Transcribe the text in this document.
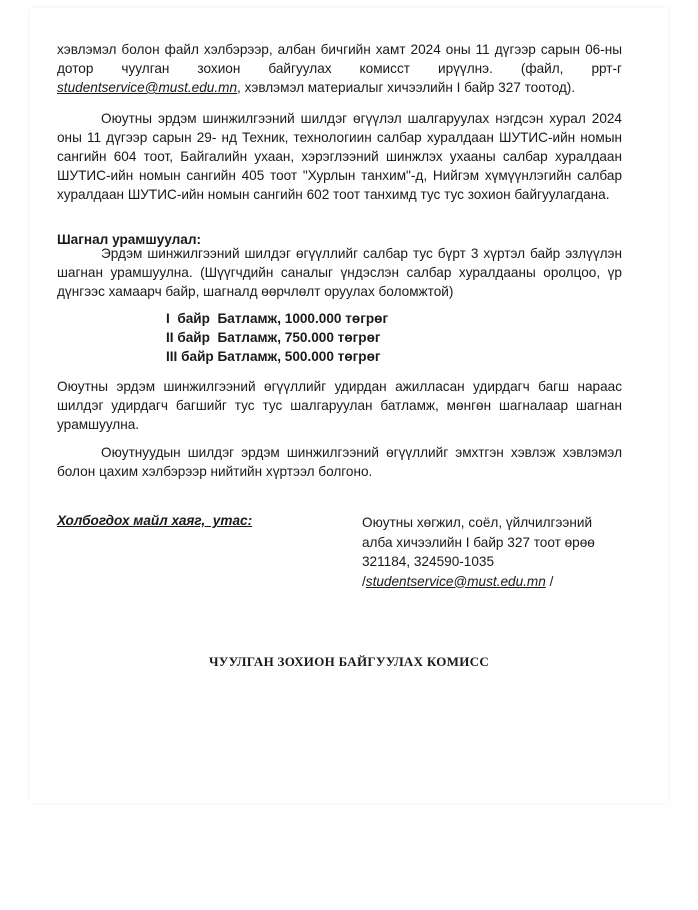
хэвлэмэл болон файл хэлбэрээр, албан бичгийн хамт 2024 оны 11 дүгээр сарын 06-ны дотор чуулган зохион байгуулах комисст ирүүлнэ. (файл, ррт-г studentservice@must.edu.mn, хэвлэмэл материалыг хичээлийн I байр 327 тоотод).
Оюутны эрдэм шинжилгээний шилдэг өгүүлэл шалгаруулах нэгдсэн хурал 2024 оны 11 дүгээр сарын 29- нд Техник, технологиин салбар хуралдаан ШУТИС-ийн номын сангийн 604 тоот, Байгалийн ухаан, хэрэглээний шинжлэх ухааны салбар хуралдаан ШУТИС-ийн номын сангийн 405 тоот "Хурлын танхим"-д, Нийгэм хүмүүнлэгийн салбар хуралдаан ШУТИС-ийн номын сангийн 602 тоот танхимд тус тус зохион байгуулагдана.
Шагнал урамшуулал:
Эрдэм шинжилгээний шилдэг өгүүллийг салбар тус бүрт 3 хүртэл байр эзлүүлэн шагнан урамшуулна. (Шүүгчдийн саналыг үндэслэн салбар хуралдааны оролцоо, үр дүнгээс хамаарч байр, шагналд өөрчлөлт оруулах боломжтой)
I  байр  Батламж, 1000.000 төгрөг
II байр  Батламж, 750.000 төгрөг
III байр Батламж, 500.000 төгрөг
Оюутны эрдэм шинжилгээний өгүүллийг удирдан ажилласан удирдагч багш нараас шилдэг удирдагч багшийг тус тус шалгаруулан батламж, мөнгөн шагналаар шагнан урамшуулна.
Оюутнуудын шилдэг эрдэм шинжилгээний өгүүллийг эмхтгэн хэвлэж хэвлэмэл болон цахим хэлбэрээр нийтийн хүртээл болгоно.
Холбогдох майл хаяг,  утас:	Оюутны хөгжил, соёл, үйлчилгээний
алба хичээлийн I байр 327 тоот өрөө
321184, 324590-1035
/studentservice@must.edu.mn /
ЧУУЛГАН ЗОХИОН БАЙГУУЛАХ КОМИСС
